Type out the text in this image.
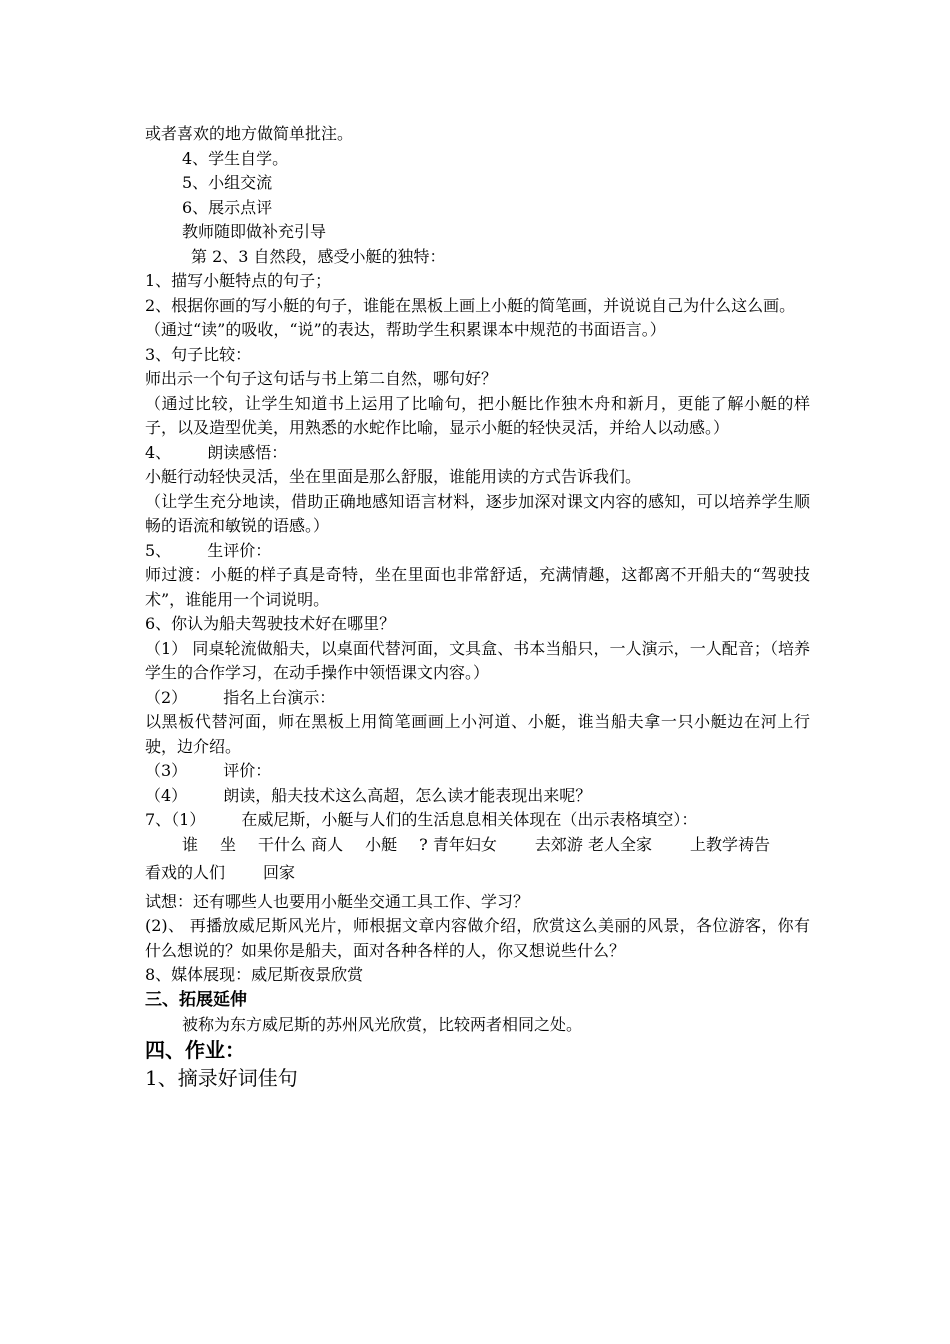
或者喜欢的地方做简单批注。
4、学生自学。
5、小组交流
6、展示点评
教师随即做补充引导
第 2、3 自然段，感受小艇的独特：
1、描写小艇特点的句子；
2、根据你画的写小艇的句子，谁能在黑板上画上小艇的简笔画，并说说自己为什么这么画。
（通过“读”的吸收，“说”的表达，帮助学生积累课本中规范的书面语言。）
3、句子比较：
师出示一个句子这句话与书上第二自然，哪句好？
（通过比较，让学生知道书上运用了比喻句，把小艇比作独木舟和新月，更能了解小艇的样子，以及造型优美，用熟悉的水蛇作比喻，显示小艇的轻快灵活，并给人以动感。）
4、 朗读感悟：
小艇行动轻快灵活，坐在里面是那么舒服，谁能用读的方式告诉我们。
（让学生充分地读，借助正确地感知语言材料，逐步加深对课文内容的感知，可以培养学生顺畅的语流和敏锐的语感。）
5、 生评价：
师过渡：小艇的样子真是奇特，坐在里面也非常舒适，充满情趣，这都离不开船夫的“驾驶技术”，谁能用一个词说明。
6、你认为船夫驾驶技术好在哪里？
（1） 同桌轮流做船夫，以桌面代替河面，文具盒、书本当船只，一人演示，一人配音；（培养学生的合作学习，在动手操作中领悟课文内容。）
（2） 指名上台演示：
以黑板代替河面，师在黑板上用简笔画画上小河道、小艇，谁当船夫拿一只小艇边在河上行驶，边介绍。
（3） 评价：
（4） 朗读，船夫技术这么高超，怎么读才能表现出来呢？
7、（1） 在威尼斯，小艇与人们的生活息息相关体现在（出示表格填空）：
谁 坐 干什么 商人 小艇 ? 青年妇女 去郊游 老人全家 上教学祷告 看戏的人们 回家
试想：还有哪些人也要用小艇坐交通工具工作、学习？
(2)、 再播放威尼斯风光片，师根据文章内容做介绍，欣赏这么美丽的风景，各位游客，你有什么想说的？如果你是船夫，面对各种各样的人，你又想说些什么？
8、媒体展现：威尼斯夜景欣赏
三、拓展延伸
被称为东方威尼斯的苏州风光欣赏，比较两者相同之处。
四、作业：
1、摘录好词佳句
